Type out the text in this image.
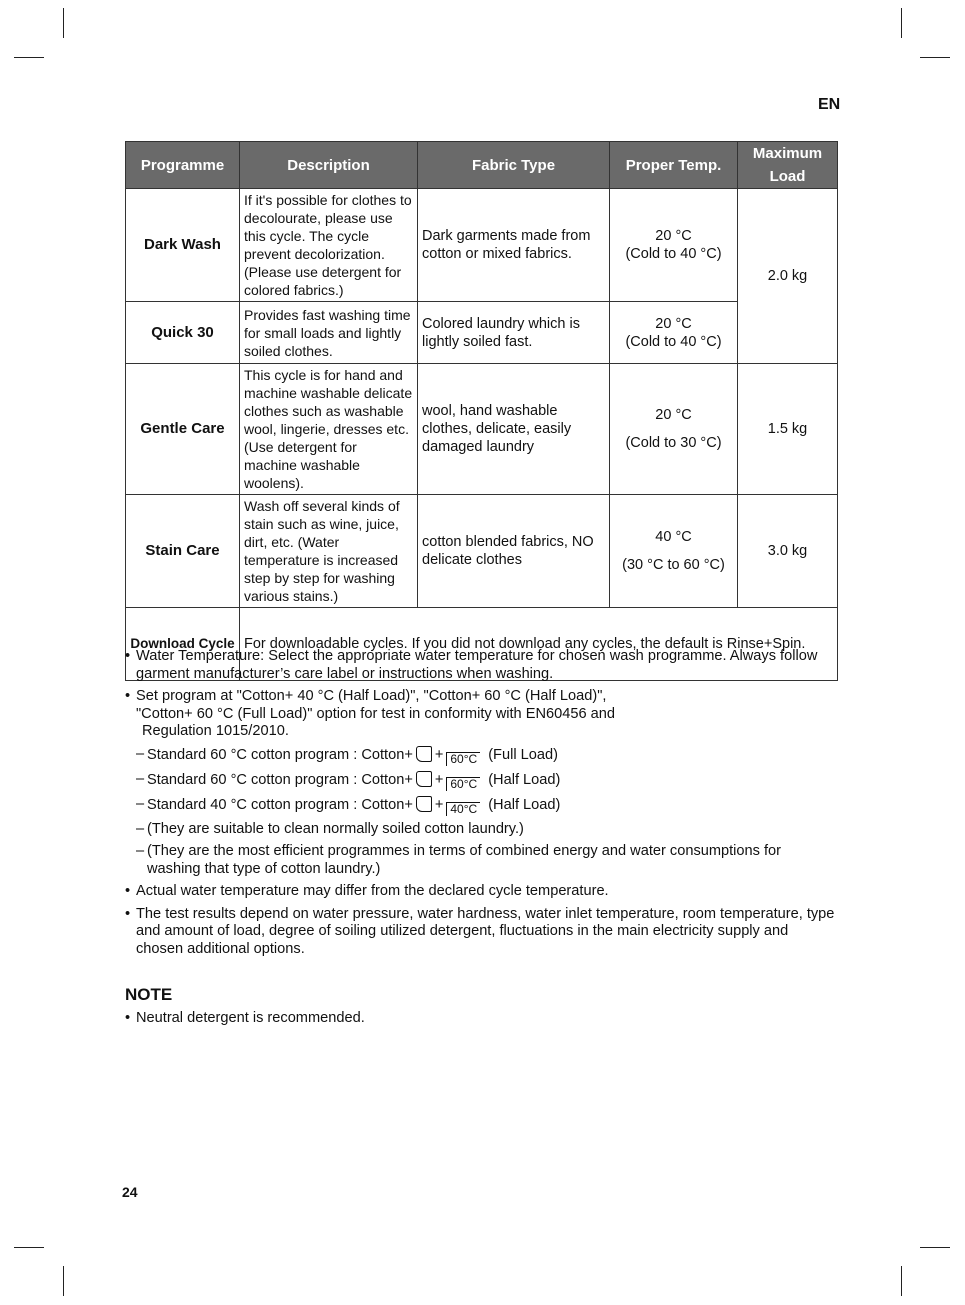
EN
Programme	Description	Fabric Type	Proper Temp.	Maximum Load
Dark Wash	If it's possible for clothes to decolourate, please use this cycle. The cycle prevent decolorization. (Please use detergent for colored fabrics.)	Dark garments made from cotton or mixed fabrics.	20 °C
(Cold to 40 °C)	2.0 kg
Quick 30	Provides fast washing time for small loads and lightly soiled clothes.	Colored laundry which is lightly soiled fast.	20 °C
(Cold to 40 °C)	
Gentle Care	This cycle is for hand and machine washable delicate clothes such as washable wool, lingerie, dresses etc. (Use detergent for machine washable woolens).	wool, hand washable clothes, delicate, easily damaged laundry	20 °C
(Cold to 30 °C)	1.5 kg
Stain Care	Wash off several kinds of stain such as wine, juice, dirt, etc. (Water temperature is increased step by step for washing various stains.)	cotton blended fabrics, NO delicate clothes	40 °C
(30 °C to 60 °C)	3.0 kg
Download Cycle	For downloadable cycles. If you did not download any cycles, the default is Rinse+Spin.			
• Water Temperature: Select the appropriate water temperature for chosen wash programme. Always follow garment manufacturer’s care label or instructions when washing.
• Set program at "Cotton+ 40 °C (Half Load)", "Cotton+ 60 °C (Half Load)",
"Cotton+ 60 °C (Full Load)" option for test in conformity with EN60456 and
Regulation 1015/2010.
– Standard 60 °C cotton program : Cotton+ + 60°C (Full Load)
– Standard 60 °C cotton program : Cotton+ + 60°C (Half Load)
– Standard 40 °C cotton program : Cotton+ + 40°C (Half Load)
– (They are suitable to clean normally soiled cotton laundry.)
– (They are the most efficient programmes in terms of combined energy and water consumptions for washing that type of cotton laundry.)
• Actual water temperature may differ from the declared cycle temperature.
• The test results depend on water pressure, water hardness, water inlet temperature, room temperature, type and amount of load, degree of soiling utilized detergent, fluctuations in the main electricity supply and chosen additional options.
NOTE
• Neutral detergent is recommended.
24
